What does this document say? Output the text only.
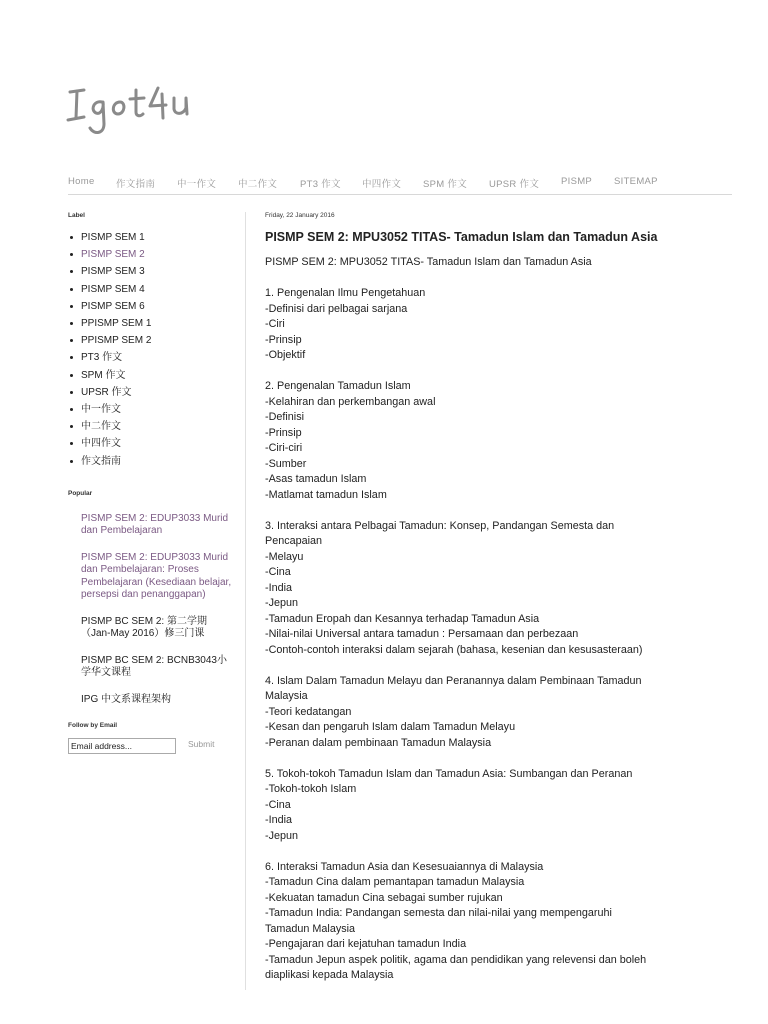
Home 作文指南 中一作文 中二作文 PT3 作文 中四作文 SPM 作文 UPSR 作文 PISMP SITEMAP
Label
PISMP SEM 1
PISMP SEM 2
PISMP SEM 3
PISMP SEM 4
PISMP SEM 6
PPISMP SEM 1
PPISMP SEM 2
PT3 作文
SPM 作文
UPSR 作文
中一作文
中二作文
中四作文
作文指南
Popular
PISMP SEM 2: EDUP3033 Murid dan Pembelajaran
PISMP SEM 2: EDUP3033 Murid dan Pembelajaran: Proses Pembelajaran (Kesediaan belajar, persepsi dan penanggapan)
PISMP BC SEM 2: 第二学期（Jan-May 2016）修三门课
PISMP BC SEM 2: BCNB3043小学华文课程
IPG 中文系课程架构
Follow by Email
Email address...
Submit
Friday, 22 January 2016
PISMP SEM 2: MPU3052 TITAS- Tamadun Islam dan Tamadun Asia
PISMP SEM 2: MPU3052 TITAS- Tamadun Islam dan Tamadun Asia
1. Pengenalan Ilmu Pengetahuan
-Definisi dari pelbagai sarjana
-Ciri
-Prinsip
-Objektif
2. Pengenalan Tamadun Islam
-Kelahiran dan perkembangan awal
-Definisi
-Prinsip
-Ciri-ciri
-Sumber
-Asas tamadun Islam
-Matlamat tamadun Islam
3. Interaksi antara Pelbagai Tamadun: Konsep, Pandangan Semesta dan
Pencapaian
-Melayu
-Cina
-India
-Jepun
-Tamadun Eropah dan Kesannya terhadap Tamadun Asia
-Nilai-nilai Universal antara tamadun : Persamaan dan perbezaan
-Contoh-contoh interaksi dalam sejarah (bahasa, kesenian dan kesusasteraan)
4. Islam Dalam Tamadun Melayu dan Peranannya dalam Pembinaan Tamadun
Malaysia
-Teori kedatangan
-Kesan dan pengaruh Islam dalam Tamadun Melayu
-Peranan dalam pembinaan Tamadun Malaysia
5. Tokoh-tokoh Tamadun Islam dan Tamadun Asia: Sumbangan dan Peranan
-Tokoh-tokoh Islam
-Cina
-India
-Jepun
6. Interaksi Tamadun Asia dan Kesesuaiannya di Malaysia
-Tamadun Cina dalam pemantapan tamadun Malaysia
-Kekuatan tamadun Cina sebagai sumber rujukan
-Tamadun India: Pandangan semesta dan nilai-nilai yang mempengaruhi
Tamadun Malaysia
-Pengajaran dari kejatuhan tamadun India
-Tamadun Jepun aspek politik, agama dan pendidikan yang relevensi dan boleh
diaplikasi kepada Malaysia
